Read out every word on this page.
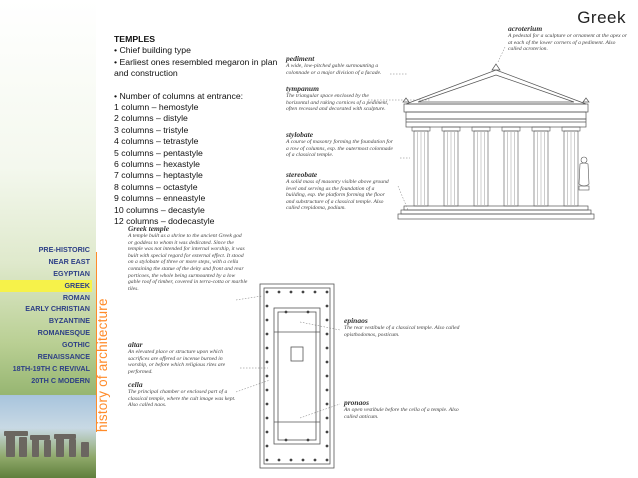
PRE-HISTORIC
NEAR EAST
EGYPTIAN
GREEK
ROMAN
EARLY CHRISTIAN
BYZANTINE
ROMANESQUE
GOTHIC
RENAISSANCE
18TH-19TH C REVIVAL
20TH C MODERN history of architecture
Greek
TEMPLES
• Chief building type
• Earliest ones resembled megaron in plan and construction
• Number of columns at entrance:
1 column – hemostyle
2 columns – distyle
3 columns – tristyle
4 columns – tetrastyle
5 columns – pentastyle
6 columns – hexastyle
7 columns – heptastyle
8 columns – octastyle
9 columns – enneastyle
10 columns – decastyle
12 columns – dodecastyle
pediment
A wide, low-pitched gable surmounting a colonnade or a major division of a facade.
tympanum
The triangular space enclosed by the horizontal and raking cornices of a pediment, often recessed and decorated with sculpture.
stylobate
A course of masonry forming the foundation for a row of columns, esp. the outermost colonnade of a classical temple.
stereobate
A solid mass of masonry visible above ground level and serving as the foundation of a building, esp. the platform forming the floor and substructure of a classical temple. Also called crepidoma, podium.
acroterium
A pedestal for a sculpture or ornament at the apex or at each of the lower corners of a pediment. Also called acroterion.
Greek temple
A temple built as a shrine to the ancient Greek god or goddess to whom it was dedicated. Since the temple was not intended for internal worship, it was built with special regard for external effect. It stood on a stylobate of three or more steps, with a cella containing the statue of the deity and front and rear porticoes, the whole being surmounted by a low gable roof of timber, covered in terra-cotta or marble tiles.
altar
An elevated place or structure upon which sacrifices are offered or incense burned in worship, or before which religious rites are performed.
cella
The principal chamber or enclosed part of a classical temple, where the cult image was kept. Also called naos.
epinaos
The rear vestibule of a classical temple. Also called opisthodomos, posticum.
pronaos
An open vestibule before the cella of a temple. Also called anticum.
